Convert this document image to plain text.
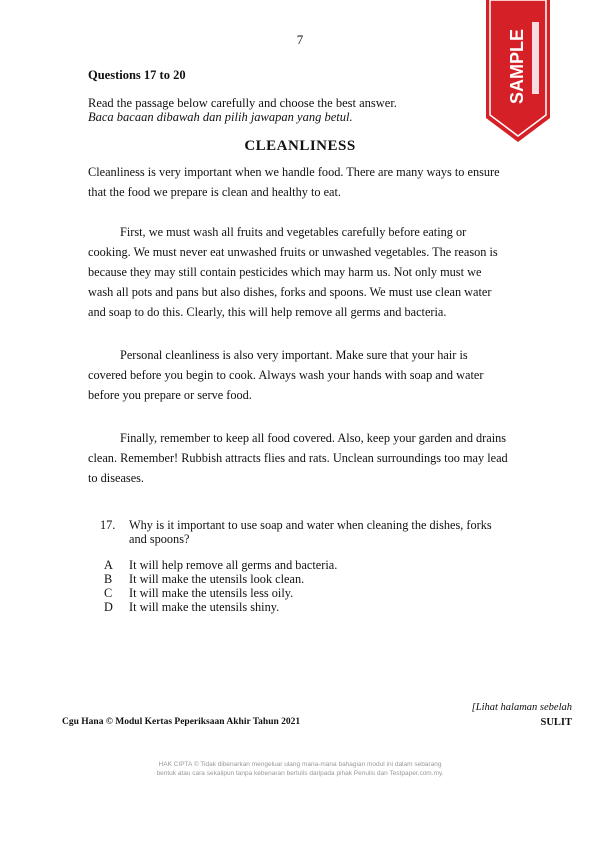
7	SAMPLE
Questions 17 to 20
Read the passage below carefully and choose the best answer.
Baca bacaan dibawah dan pilih jawapan yang betul.
CLEANLINESS
Cleanliness is very important when we handle food. There are many ways to ensure that the food we prepare is clean and healthy to eat.
First, we must wash all fruits and vegetables carefully before eating or cooking. We must never eat unwashed fruits or unwashed vegetables. The reason is because they may still contain pesticides which may harm us. Not only must we wash all pots and pans but also dishes, forks and spoons. We must use clean water and soap to do this. Clearly, this will help remove all germs and bacteria.
Personal cleanliness is also very important. Make sure that your hair is covered before you begin to cook. Always wash your hands with soap and water before you prepare or serve food.
Finally, remember to keep all food covered. Also, keep your garden and drains clean. Remember! Rubbish attracts flies and rats. Unclean surroundings too may lead to diseases.
17. Why is it important to use soap and water when cleaning the dishes, forks and spoons?
A	It will help remove all germs and bacteria.
B	It will make the utensils look clean.
C	It will make the utensils less oily.
D	It will make the utensils shiny.
[Lihat halaman sebelah
Cgu Hana © Modul Kertas Peperiksaan Akhir Tahun 2021	SULIT
HAK CIPTA © Tidak dibenarkan mengeluar ulang mana-mana bahagian modul ini dalam sebarang
bentuk atau cara sekalipun tanpa kebenaran bertulis daripada pihak Penulis dan Testpaper.com.my.
